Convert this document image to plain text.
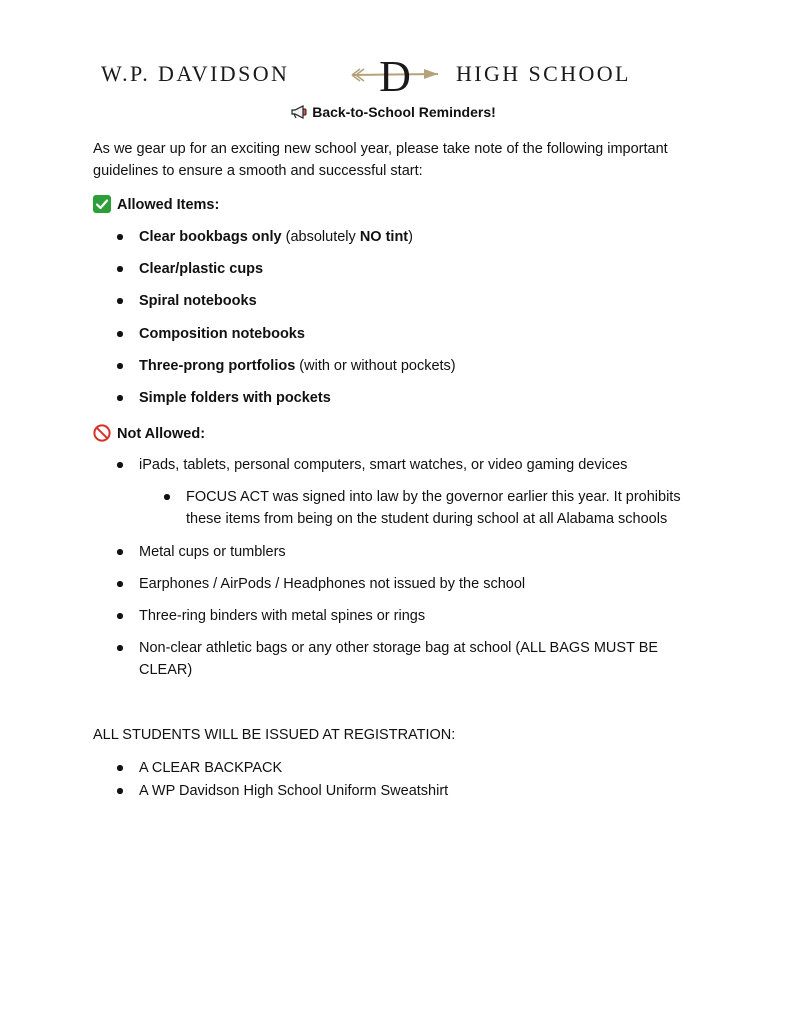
W.P. DAVIDSON D HIGH SCHOOL
Back-to-School Reminders!
As we gear up for an exciting new school year, please take note of the following important
guidelines to ensure a smooth and successful start:
Allowed Items:
Clear bookbags only (absolutely NO tint)
Clear/plastic cups
Spiral notebooks
Composition notebooks
Three-prong portfolios (with or without pockets)
Simple folders with pockets
Not Allowed:
iPads, tablets, personal computers, smart watches, or video gaming devices
FOCUS ACT was signed into law by the governor earlier this year. It prohibits
these items from being on the student during school at all Alabama schools
Metal cups or tumblers
Earphones / AirPods / Headphones not issued by the school
Three-ring binders with metal spines or rings
Non-clear athletic bags or any other storage bag at school (ALL BAGS MUST BE
CLEAR)
ALL STUDENTS WILL BE ISSUED AT REGISTRATION:
A CLEAR BACKPACK
A WP Davidson High School Uniform Sweatshirt
